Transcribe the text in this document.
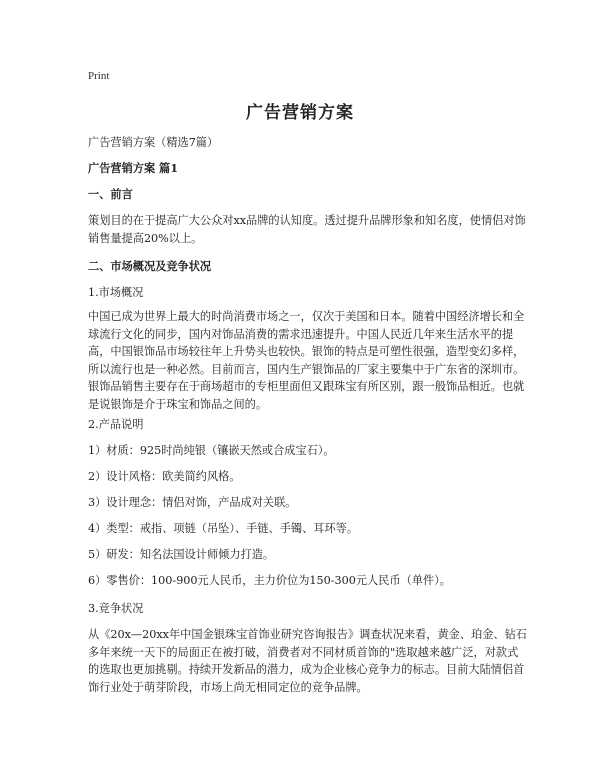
Print
广告营销方案

广告营销方案（精选7篇）

广告营销方案 篇1

一、前言

策划目的在于提高广大公众对xx品牌的认知度。透过提升品牌形象和知名度，使情侣对饰销售量提高20%以上。

二、市场概况及竞争状况

1.市场概况

中国已成为世界上最大的时尚消费市场之一，仅次于美国和日本。随着中国经济增长和全球流行文化的同步，国内对饰品消费的需求迅速提升。中国人民近几年来生活水平的提高，中国银饰品市场较往年上升势头也较快。银饰的特点是可塑性很强，造型变幻多样，所以流行也是一种必然。目前而言，国内生产银饰品的厂家主要集中于广东省的深圳市。银饰品销售主要存在于商场超市的专柜里面但又跟珠宝有所区别，跟一般饰品相近。也就是说银饰是介于珠宝和饰品之间的。

2.产品说明

1）材质：925时尚纯银（镶嵌天然或合成宝石）。

2）设计风格：欧美简约风格。

3）设计理念：情侣对饰，产品成对关联。

4）类型：戒指、项链（吊坠）、手链、手镯、耳环等。

5）研发：知名法国设计师倾力打造。

6）零售价：100-900元人民币，主力价位为150-300元人民币（单件）。

3.竞争状况

从《20x—20xx年中国金银珠宝首饰业研究咨询报告》调查状况来看，黄金、珀金、钻石多年来统一天下的局面正在被打破，消费者对不同材质首饰的"选取越来越广泛，对款式的选取也更加挑剔。持续开发新品的潜力，成为企业核心竞争力的标志。目前大陆情侣首饰行业处于萌芽阶段，市场上尚无相同定位的竞争品牌。
